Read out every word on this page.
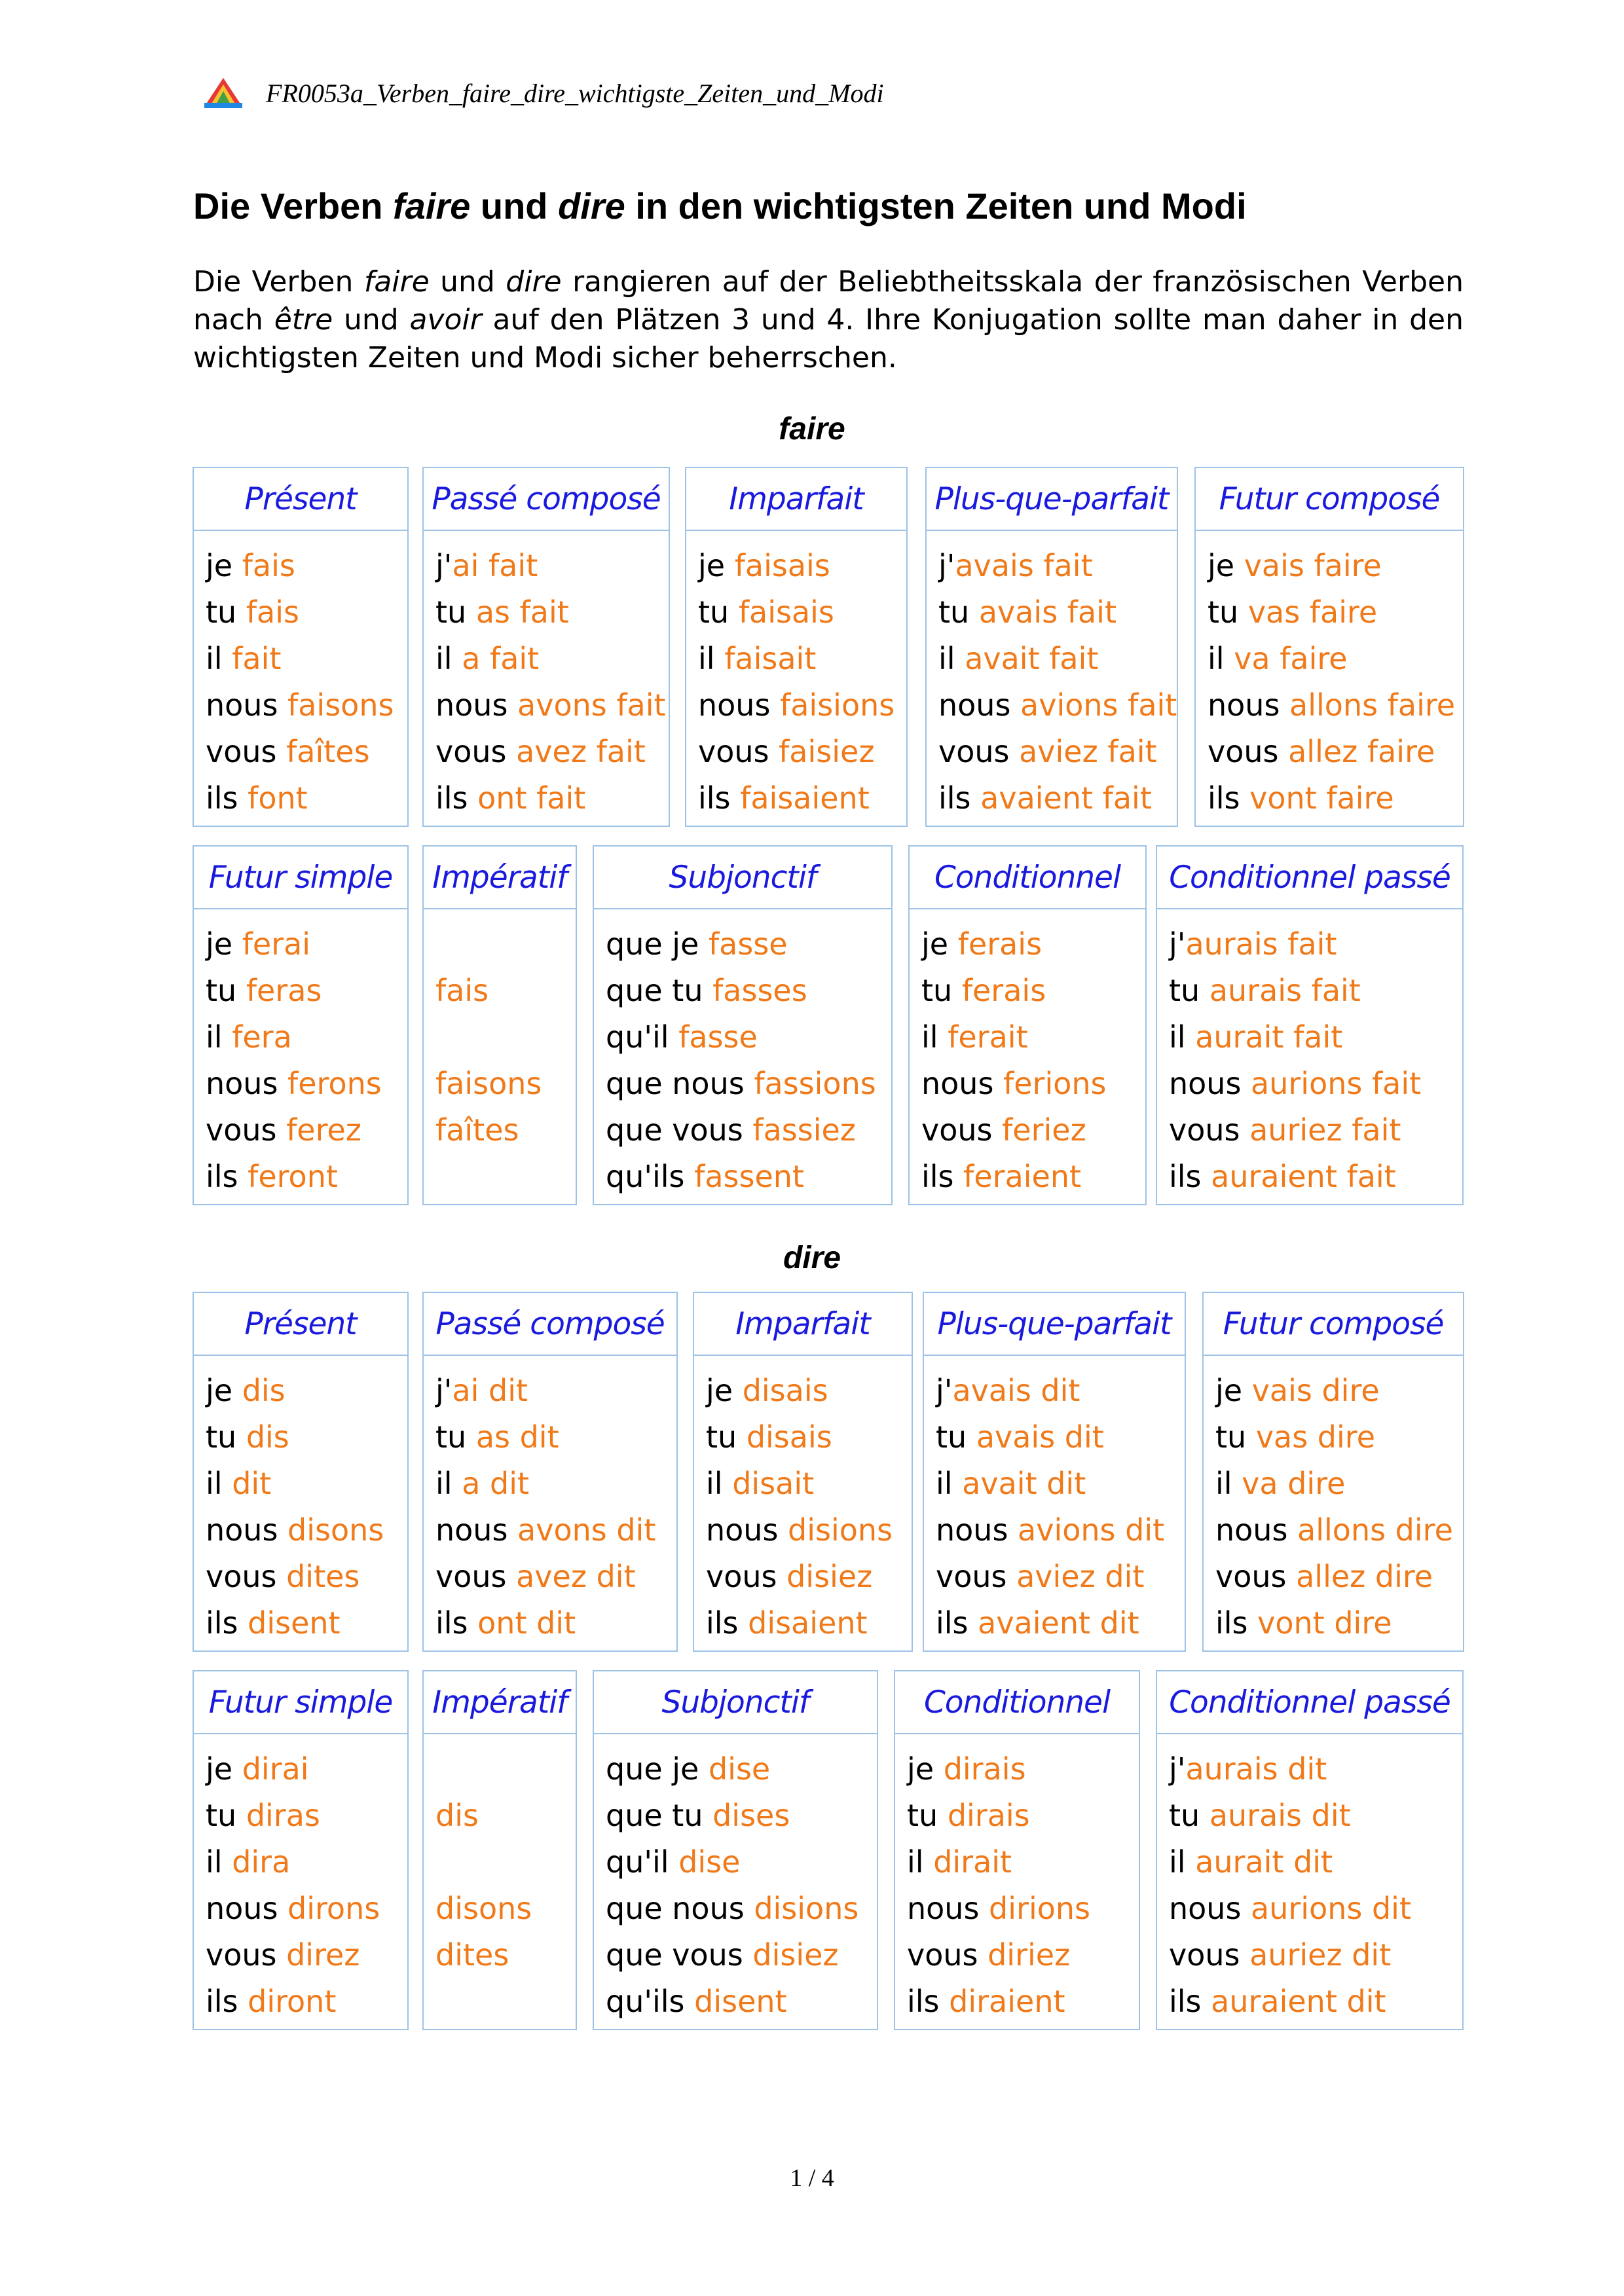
FR0053a_Verben_faire_dire_wichtigste_Zeiten_und_Modi
Die Verben faire und dire in den wichtigsten Zeiten und Modi
Die Verben faire und dire rangieren auf der Beliebtheitsskala der französischen Verben nach être und avoir auf den Plätzen 3 und 4. Ihre Konjugation sollte man daher in den wichtigsten Zeiten und Modi sicher beherrschen.
faire
Présent
je fais
tu fais
il fait
nous faisons
vous faîtes
ils font
Passé composé
j'ai fait
tu as fait
il a fait
nous avons fait
vous avez fait
ils ont fait
Imparfait
je faisais
tu faisais
il faisait
nous faisions
vous faisiez
ils faisaient
Plus-que-parfait
j'avais fait
tu avais fait
il avait fait
nous avions fait
vous aviez fait
ils avaient fait
Futur composé
je vais faire
tu vas faire
il va faire
nous allons faire
vous allez faire
ils vont faire
Futur simple
je ferai
tu feras
il fera
nous ferons
vous ferez
ils feront
Impératif
fais
faisons
faîtes
Subjonctif
que je fasse
que tu fasses
qu'il fasse
que nous fassions
que vous fassiez
qu'ils fassent
Conditionnel
je ferais
tu ferais
il ferait
nous ferions
vous feriez
ils feraient
Conditionnel passé
j'aurais fait
tu aurais fait
il aurait fait
nous aurions fait
vous auriez fait
ils auraient fait
dire
Présent
je dis
tu dis
il dit
nous disons
vous dites
ils disent
Passé composé
j'ai dit
tu as dit
il a dit
nous avons dit
vous avez dit
ils ont dit
Imparfait
je disais
tu disais
il disait
nous disions
vous disiez
ils disaient
Plus-que-parfait
j'avais dit
tu avais dit
il avait dit
nous avions dit
vous aviez dit
ils avaient dit
Futur composé
je vais dire
tu vas dire
il va dire
nous allons dire
vous allez dire
ils vont dire
Futur simple
je dirai
tu diras
il dira
nous dirons
vous direz
ils diront
Impératif
dis
disons
dites
Subjonctif
que je dise
que tu dises
qu'il dise
que nous disions
que vous disiez
qu'ils disent
Conditionnel
je dirais
tu dirais
il dirait
nous dirions
vous diriez
ils diraient
Conditionnel passé
j'aurais dit
tu aurais dit
il aurait dit
nous aurions dit
vous auriez dit
ils auraient dit
1 / 4
